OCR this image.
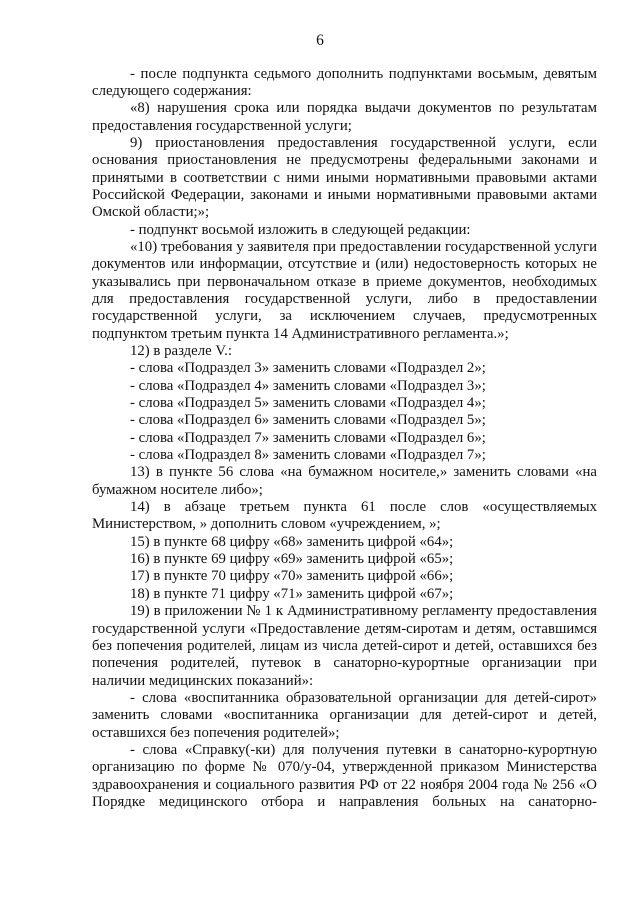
6

- после подпункта седьмого дополнить подпунктами восьмым, девятым следующего содержания:

«8) нарушения срока или порядка выдачи документов по результатам предоставления государственной услуги;

9) приостановления предоставления государственной услуги, если основания приостановления не предусмотрены федеральными законами и принятыми в соответствии с ними иными нормативными правовыми актами Российской Федерации, законами и иными нормативными правовыми актами Омской области;»;

- подпункт восьмой изложить в следующей редакции:

«10) требования у заявителя при предоставлении государственной услуги документов или информации, отсутствие и (или) недостоверность которых не указывались при первоначальном отказе в приеме документов, необходимых для предоставления государственной услуги, либо в предоставлении государственной услуги, за исключением случаев, предусмотренных подпунктом третьим пункта 14 Административного регламента.»;

12) в разделе V.:

- слова «Подраздел 3» заменить словами «Подраздел 2»;

- слова «Подраздел 4» заменить словами «Подраздел 3»;

- слова «Подраздел 5» заменить словами «Подраздел 4»;

- слова «Подраздел 6» заменить словами «Подраздел 5»;

- слова «Подраздел 7» заменить словами «Подраздел 6»;

- слова «Подраздел 8» заменить словами «Подраздел 7»;

13) в пункте 56 слова «на бумажном носителе,» заменить словами «на бумажном носителе либо»;

14) в абзаце третьем пункта 61 после слов «осуществляемых Министерством, » дополнить словом «учреждением, »;

15) в пункте 68 цифру «68» заменить цифрой «64»;

16) в пункте 69 цифру «69» заменить цифрой «65»;

17) в пункте 70 цифру «70» заменить цифрой «66»;

18) в пункте 71 цифру «71» заменить цифрой «67»;

19) в приложении № 1 к Административному регламенту предоставления государственной услуги «Предоставление детям-сиротам и детям, оставшимся без попечения родителей, лицам из числа детей-сирот и детей, оставшихся без попечения родителей, путевок в санаторно-курортные организации при наличии медицинских показаний»:

- слова «воспитанника образовательной организации для детей-сирот» заменить словами «воспитанника организации для детей-сирот и детей, оставшихся без попечения родителей»;

- слова «Справку(-ки) для получения путевки в санаторно-курортную организацию по форме № 070/у-04, утвержденной приказом Министерства здравоохранения и социального развития РФ от 22 ноября 2004 года № 256 «О Порядке медицинского отбора и направления больных на санаторно-
